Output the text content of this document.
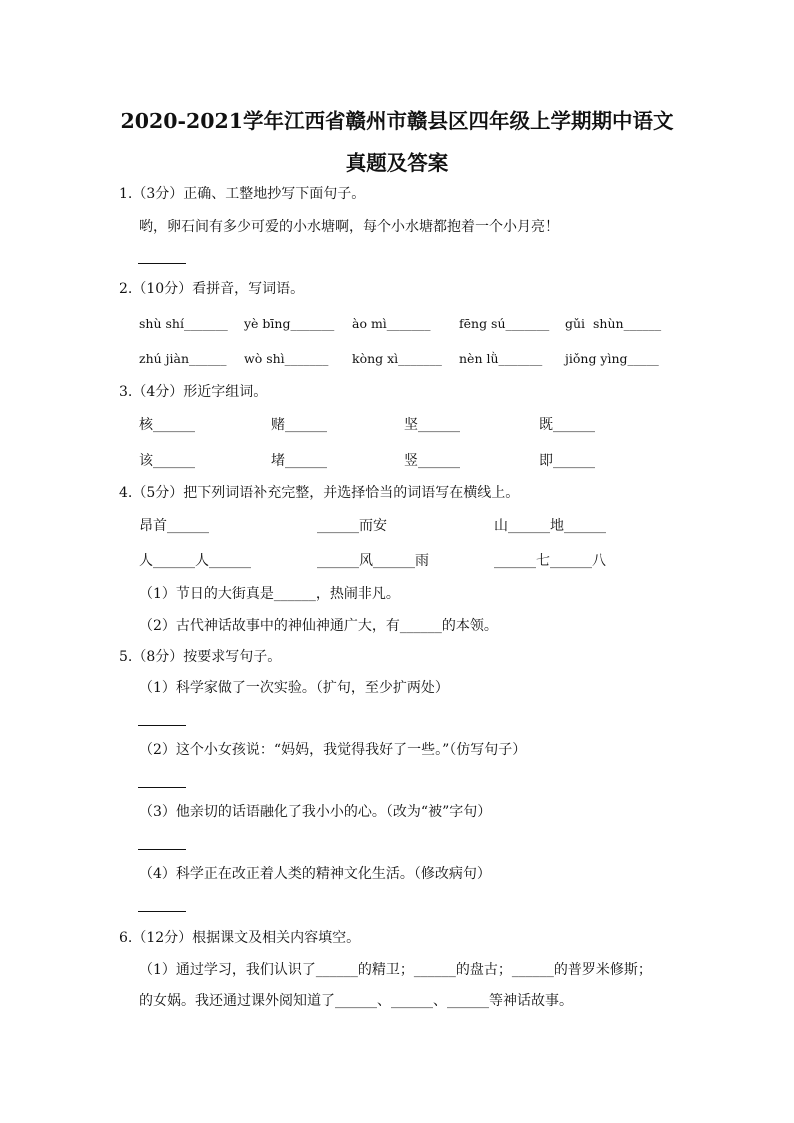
2020-2021学年江西省赣州市赣县区四年级上学期期中语文
真题及答案
1.（3分）正确、工整地抄写下面句子。
哟，卵石间有多少可爱的小水塘啊，每个小水塘都抱着一个小月亮！
2.（10分）看拼音，写词语。
shù shí_______ yè bīng_______ ào mì_______ fēng sú_______ gǔi  shùn______
zhú jiàn______ wò shì_______ kòng xì_______ nèn lǜ_______ jiǒng yìng_____
3.（4分）形近字组词。
核______	赌______	坚______	既______
该______	堵______	竖______	即______
4.（5分）把下列词语补充完整，并选择恰当的词语写在横线上。
昂首______	______而安	山______地______
人______人______	______风______雨	______七______八
（1）节日的大街真是______，热闹非凡。
（2）古代神话故事中的神仙神通广大，有______的本领。
5.（8分）按要求写句子。
（1）科学家做了一次实验。（扩句，至少扩两处）
（2）这个小女孩说：“妈妈，我觉得我好了一些。”（仿写句子）
（3）他亲切的话语融化了我小小的心。（改为“被”字句）
（4）科学正在改正着人类的精神文化生活。（修改病句）
6.（12分）根据课文及相关内容填空。
（1）通过学习，我们认识了______的精卫；______的盘古；______的普罗米修斯；
的女娲。我还通过课外阅知道了______、______、______等神话故事。
